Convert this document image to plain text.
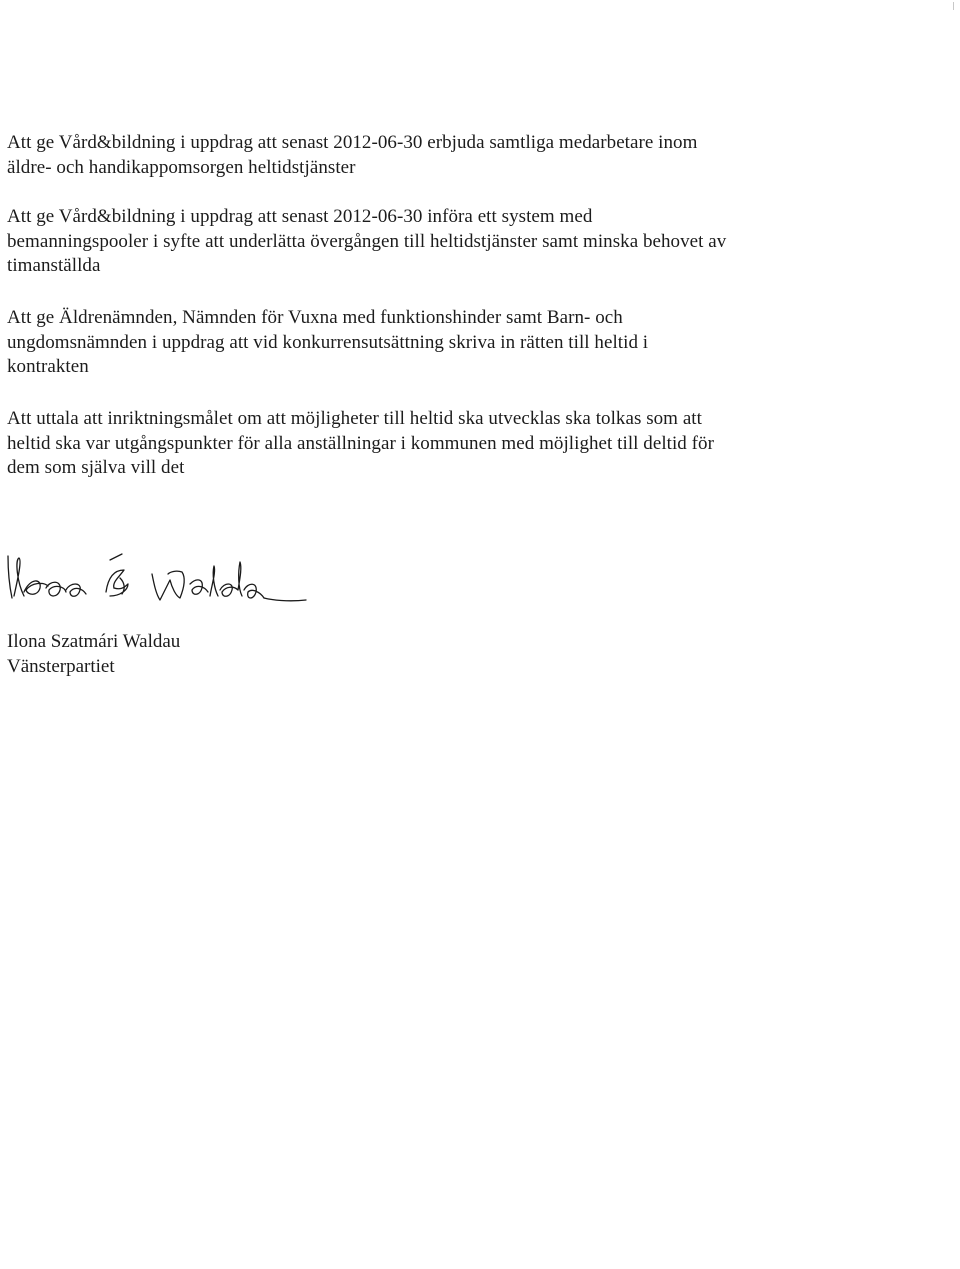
Att ge Vård&bildning i uppdrag att senast 2012-06-30 erbjuda samtliga medarbetare inom
äldre- och handikappomsorgen heltidstjänster

Att ge Vård&bildning i uppdrag att senast 2012-06-30 införa ett system med
bemanningspooler i syfte att underlätta övergången till heltidstjänster samt minska behovet av
timanställda

Att ge Äldrenämnden, Nämnden för Vuxna med funktionshinder samt Barn- och
ungdomsnämnden i uppdrag att vid konkurrensutsättning skriva in rätten till heltid i
kontrakten

Att uttala att inriktningsmålet om att möjligheter till heltid ska utvecklas ska tolkas som att
heltid ska var utgångspunkter för alla anställningar i kommunen med möjlighet till deltid för
dem som själva vill det

Ilona Szatmári Waldau
Vänsterpartiet
